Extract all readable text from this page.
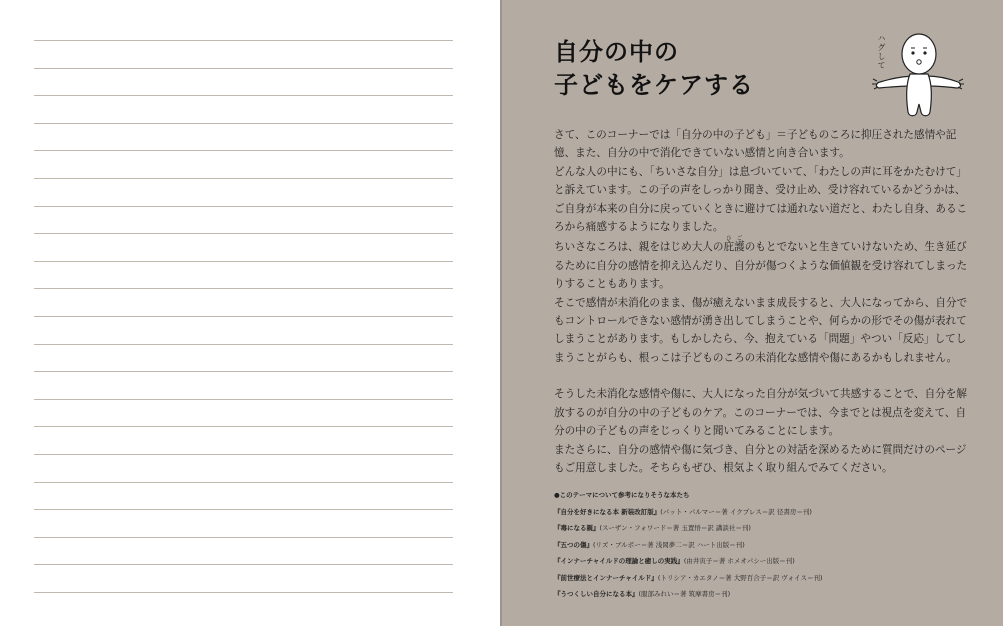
自分の中の
子どもをケアする
ハグして

さて、このコーナーでは「自分の中の子ども」＝子どものころに抑圧された感情や記憶、また、自分の中で消化できていない感情と向き合います。

どんな人の中にも、「ちいさな自分」は息づいていて、「わたしの声に耳をかたむけて」と訴えています。この子の声をしっかり聞き、受け止め、受け容れているかどうかは、ご自身が本来の自分に戻っていくときに避けては通れない道だと、わたし自身、あるころから痛感するようになりました。

ちいさなころは、親をはじめ大人の庇護ひごのもとでないと生きていけないため、生き延びるために自分の感情を抑え込んだり、自分が傷つくような価値観を受け容れてしまったりすることもあります。

そこで感情が未消化のまま、傷が癒えないまま成長すると、大人になってから、自分でもコントロールできない感情が湧き出してしまうことや、何らかの形でその傷が表れてしまうことがあります。もしかしたら、今、抱えている「問題」やつい「反応」してしまうことがらも、根っこは子どものころの未消化な感情や傷にあるかもしれません。

そうした未消化な感情や傷に、大人になった自分が気づいて共感することで、自分を解放するのが自分の中の子どものケア。このコーナーでは、今までとは視点を変えて、自分の中の子どもの声をじっくりと聞いてみることにします。

またさらに、自分の感情や傷に気づき、自分との対話を深めるために質問だけのページもご用意しました。そちらもぜひ、根気よく取り組んでみてください。

●このテーマについて参考になりそうな本たち

『自分を好きになる本 新装改訂版』(パット・パルマー＝著 イクプレス＝訳 径書房＝刊)
『毒になる親』(スーザン・フォワード＝著 玉置悟＝訳 講談社＝刊)
『五つの傷』(リズ・ブルボー＝著 浅岡夢二＝訳 ハート出版＝刊)
『インナーチャイルドの理論と癒しの実践』(由井寅子＝著 ホメオパシー出版＝刊)
『前世療法とインナーチャイルド』(トリシア・カエタノ＝著 大野百合子＝訳 ヴォイス＝刊)
『うつくしい自分になる本』(服部みれい＝著 筑摩書房＝刊)
